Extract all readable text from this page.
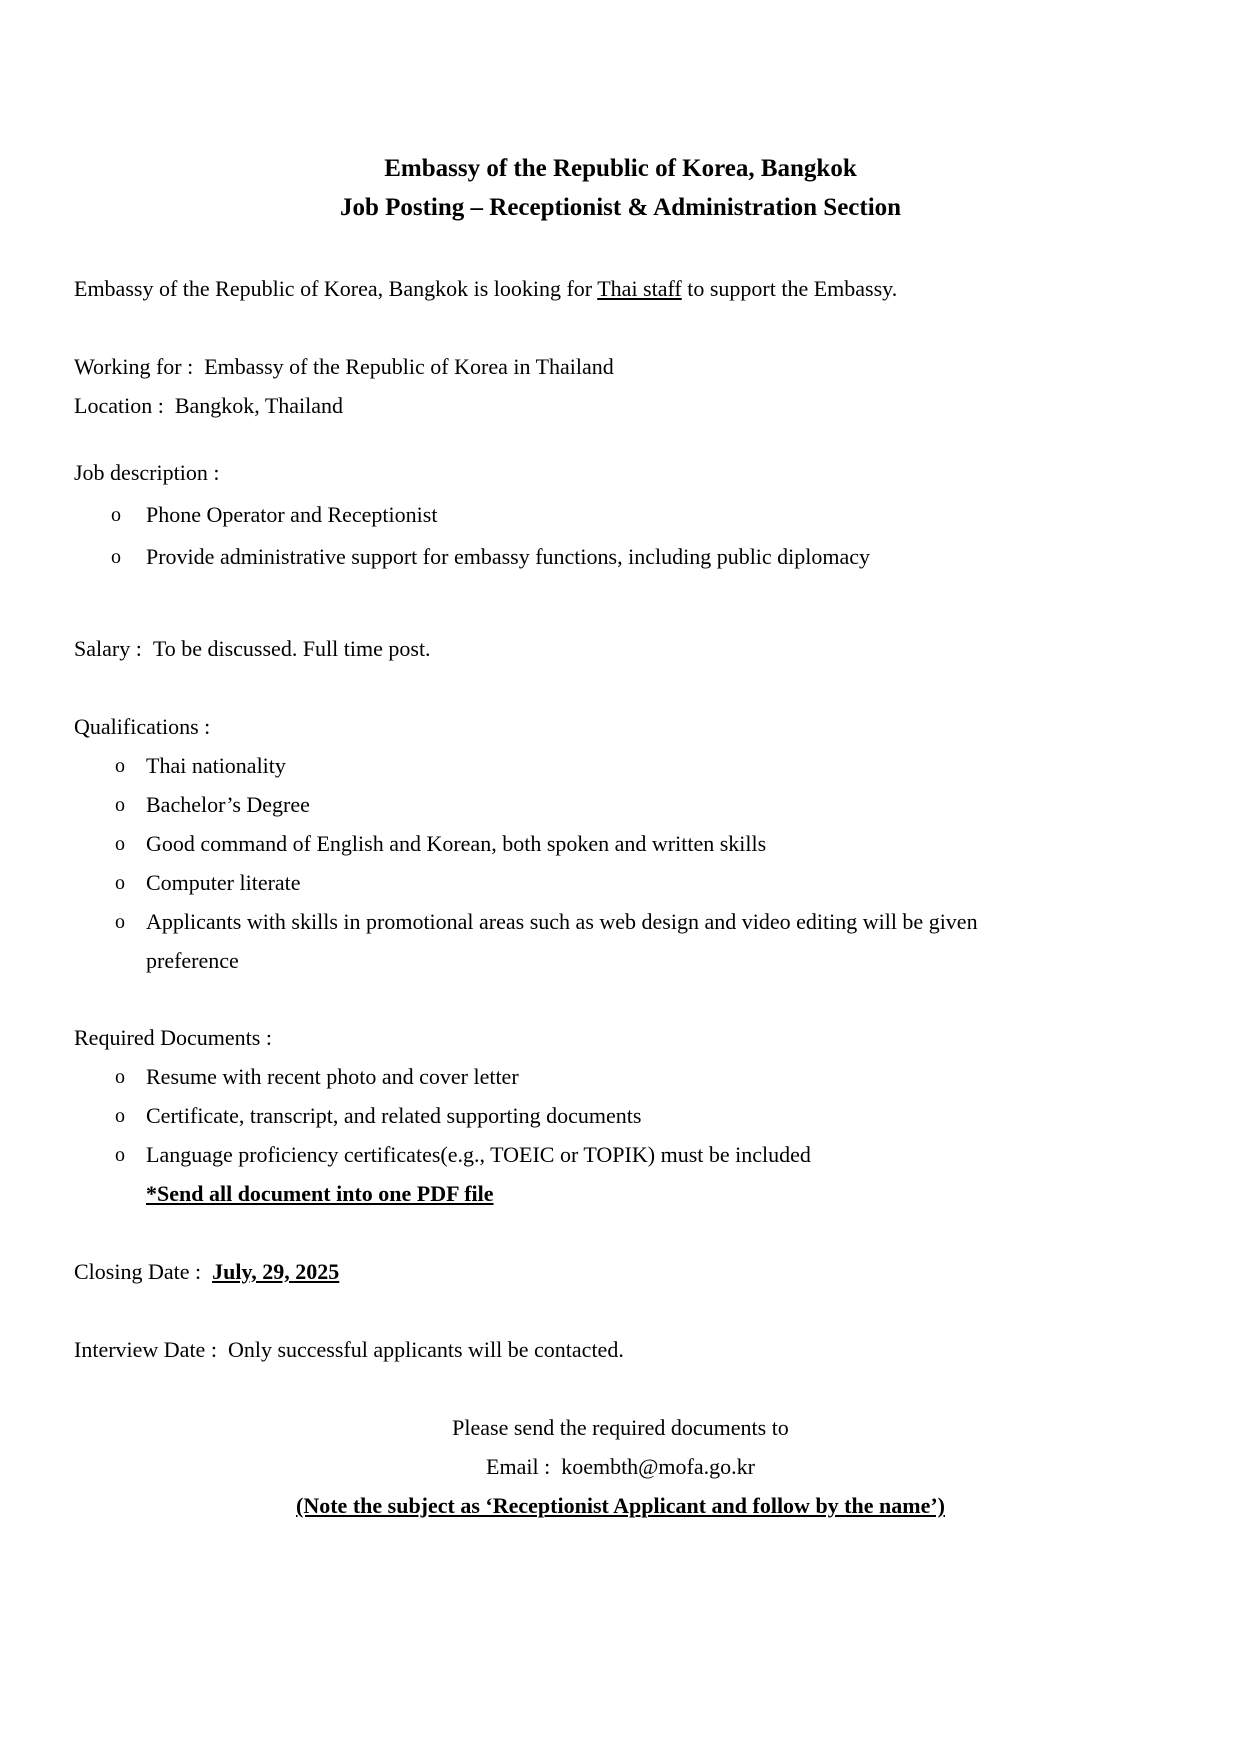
Embassy of the Republic of Korea, Bangkok
Job Posting – Receptionist & Administration Section
Embassy of the Republic of Korea, Bangkok is looking for Thai staff to support the Embassy.
Working for : Embassy of the Republic of Korea in Thailand
Location : Bangkok, Thailand
Job description :
o Phone Operator and Receptionist
o Provide administrative support for embassy functions, including public diplomacy
Salary : To be discussed. Full time post.
Qualifications :
o Thai nationality
o Bachelor’s Degree
o Good command of English and Korean, both spoken and written skills
o Computer literate
o Applicants with skills in promotional areas such as web design and video editing will be given
preference
Required Documents :
o Resume with recent photo and cover letter
o Certificate, transcript, and related supporting documents
o Language proficiency certificates(e.g., TOEIC or TOPIK) must be included
*Send all document into one PDF file
Closing Date : July, 29, 2025
Interview Date : Only successful applicants will be contacted.
Please send the required documents to
Email : koembth@mofa.go.kr
(Note the subject as ‘Receptionist Applicant and follow by the name’)
